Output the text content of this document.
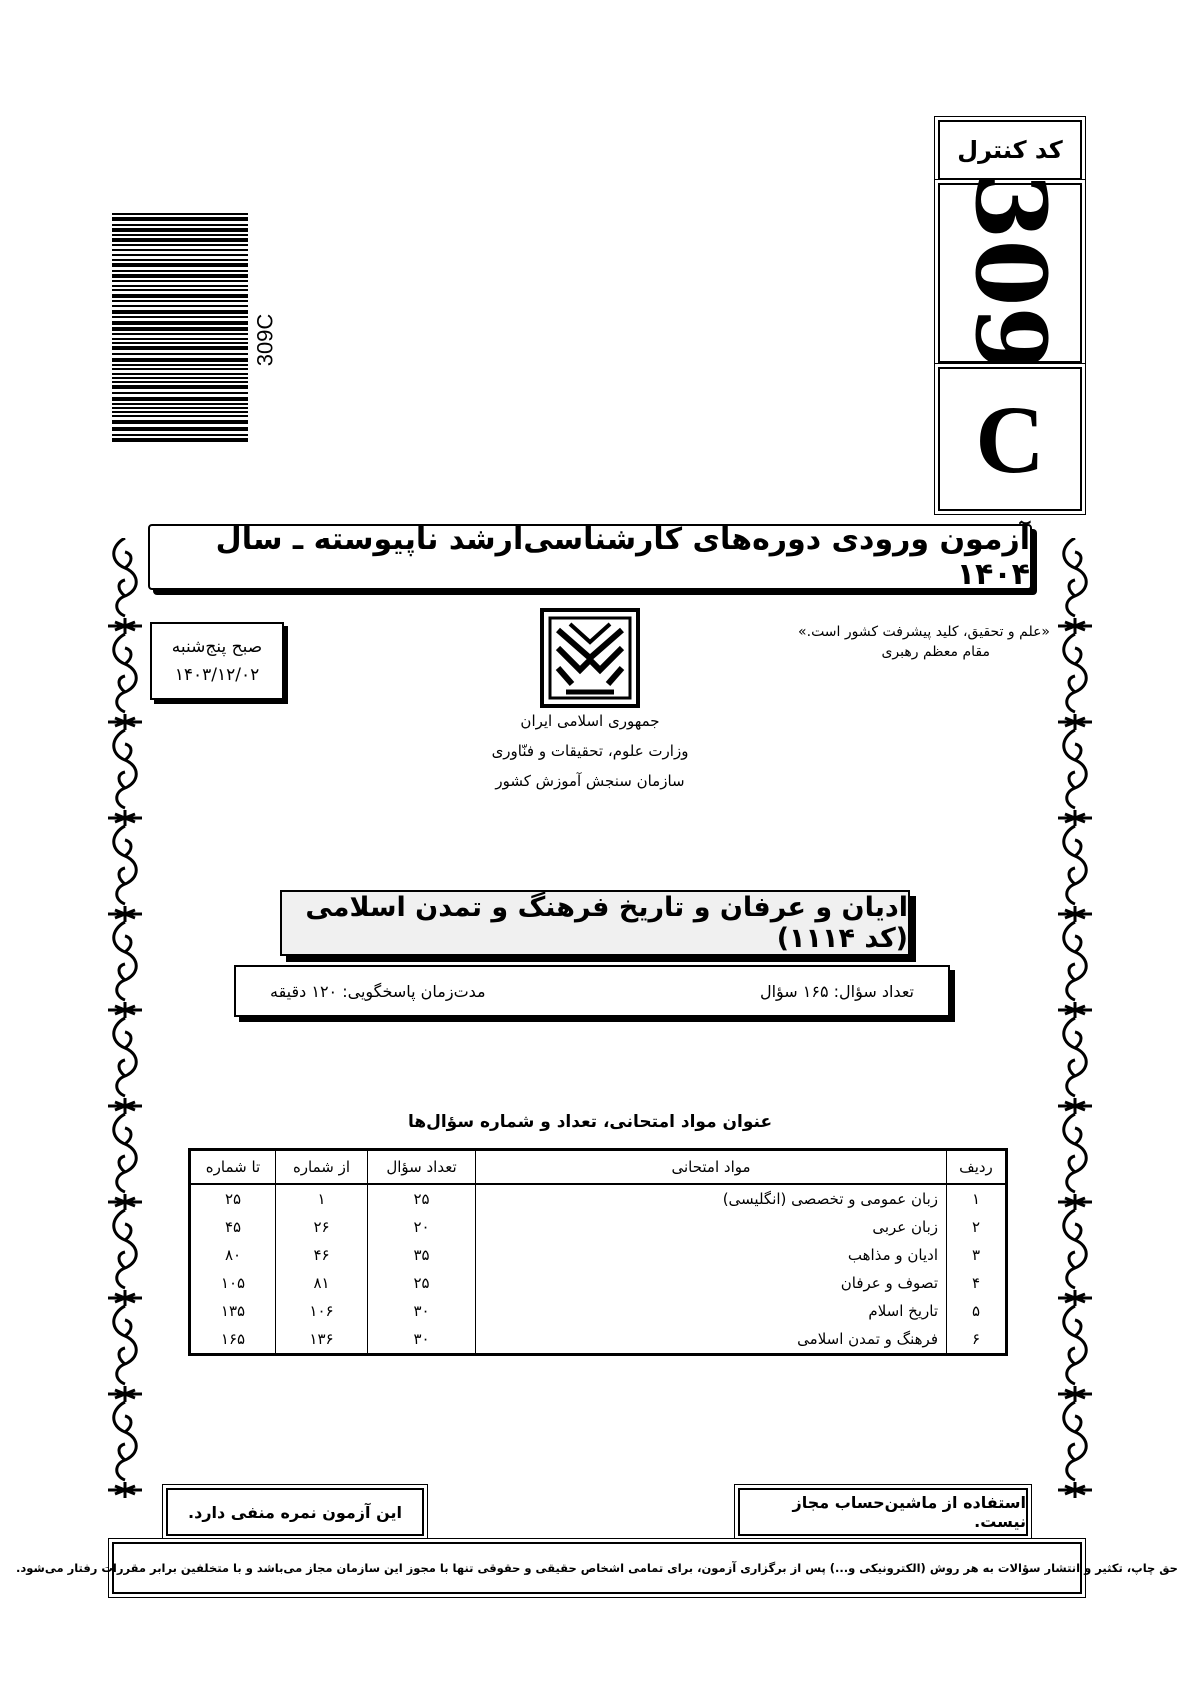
کد کنترل
309
C
309C
آزمون ورودی دوره‌های کارشناسی‌ارشد ناپیوسته ـ سال ۱۴۰۴
صبح پنج‌شنبه
۱۴۰۳/۱۲/۰۲
«علم و تحقیق، کلید پیشرفت کشور است.»
مقام معظم رهبری
جمهوری اسلامی ایران
وزارت علوم، تحقیقات و فنّاوری
سازمان سنجش آموزش کشور
ادیان و عرفان و تاریخ فرهنگ و تمدن اسلامی (کد ۱۱۱۴)
تعداد سؤال: ۱۶۵ سؤال
مدت‌زمان پاسخگویی: ۱۲۰ دقیقه
عنوان مواد امتحانی، تعداد و شماره سؤال‌ها
ردیف	مواد امتحانی	تعداد سؤال	از شماره	تا شماره
۱	زبان عمومی و تخصصی (انگلیسی)	۲۵	۱	۲۵
۲	زبان عربی	۲۰	۲۶	۴۵
۳	ادیان و مذاهب	۳۵	۴۶	۸۰
۴	تصوف و عرفان	۲۵	۸۱	۱۰۵
۵	تاریخ اسلام	۳۰	۱۰۶	۱۳۵
۶	فرهنگ و تمدن اسلامی	۳۰	۱۳۶	۱۶۵
این آزمون نمره منفی دارد.	استفاده از ماشین‌حساب مجاز نیست.
حق چاپ، تکثیر و انتشار سؤالات به هر روش (الکترونیکی و...) پس از برگزاری آزمون، برای تمامی اشخاص حقیقی و حقوقی تنها با مجوز این سازمان مجاز می‌باشد و با متخلفین برابر مقررات رفتار می‌شود.
